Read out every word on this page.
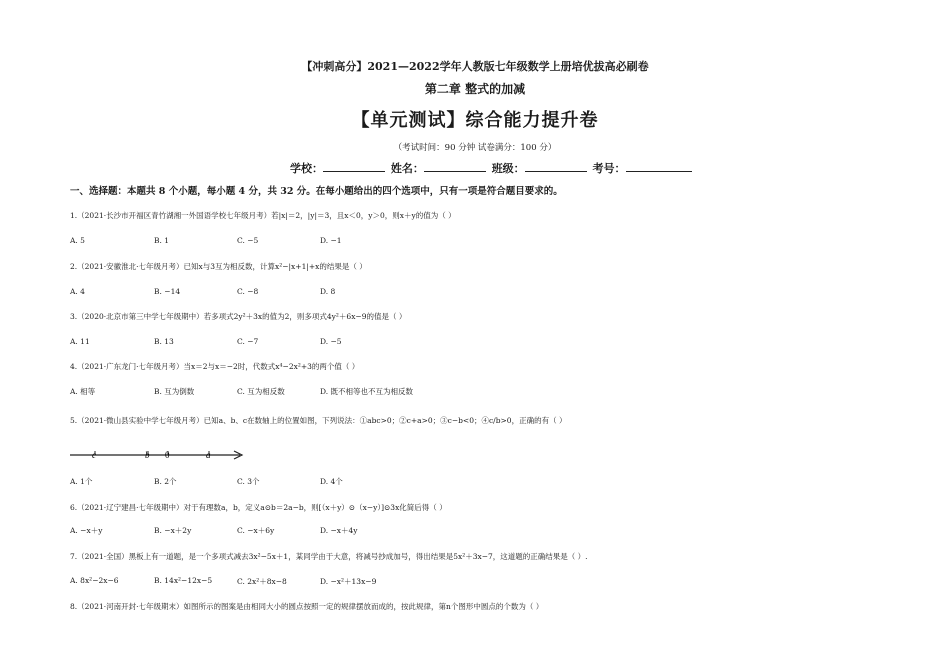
【冲刺高分】2021—2022学年人教版七年级数学上册培优拔高必刷卷
第二章 整式的加减
【单元测试】综合能力提升卷
（考试时间：90 分钟 试卷满分：100 分）
学校：	姓名：	班级：	考号：
一、选择题：本题共 8 个小题，每小题 4 分，共 32 分。在每小题给出的四个选项中，只有一项是符合题目要求的。
1.（2021·长沙市开福区青竹湖湘一外国语学校七年级月考）若|x|＝2，|y|＝3，且x＜0，y＞0，则x＋y的值为（ ）
A. 5	B. 1	C. −5	D. −1
2.（2021·安徽淮北·七年级月考）已知x与3互为相反数，计算x²−|x+1|+x的结果是（ ）
A. 4	B. −14	C. −8	D. 8
3.（2020·北京市第三中学七年级期中）若多项式2y²＋3x的值为2，则多项式4y²＋6x−9的值是（ ）
A. 11	B. 13	C. −7	D. −5
4.（2021·广东龙门·七年级月考）当x＝2与x＝−2时，代数式x⁴−2x²+3的两个值（ ）
A. 相等	B. 互为倒数	C. 互为相反数	D. 既不相等也不互为相反数
5.（2021·微山县实验中学七年级月考）已知a、b、c在数轴上的位置如图，下列说法：①abc>0；②c+a>0；③c−b<0；④c/b>0，正确的有（ ）
c	b 0	a
A. 1个	B. 2个	C. 3个	D. 4个
6.（2021·辽宁建昌·七年级期中）对于有理数a，b，定义a⊙b＝2a−b，则[（x＋y）⊙（x−y）]⊙3x化简后得（ ）
A. −x＋y	B. −x＋2y	C. −x＋6y	D. −x＋4y
7.（2021·全国）黑板上有一道题，是一个多项式减去3x²−5x＋1，某同学由于大意，将减号抄成加号，得出结果是5x²＋3x−7，这道题的正确结果是（ ）.
A. 8x²−2x−6	B. 14x²−12x−5	C. 2x²＋8x−8	D. −x²＋13x−9
8.（2021·河南开封·七年级期末）如图所示的图案是由相同大小的圆点按照一定的规律摆放而成的，按此规律，第n个图形中圆点的个数为（ ）
